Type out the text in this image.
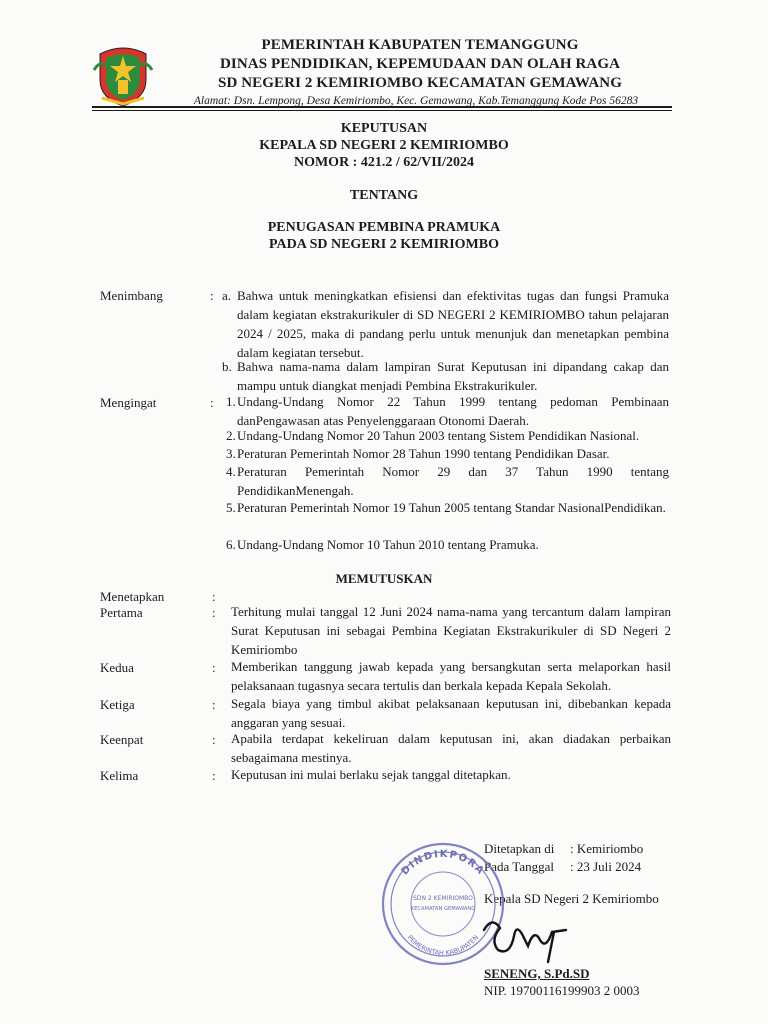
PEMERINTAH KABUPATEN TEMANGGUNG
DINAS PENDIDIKAN, KEPEMUDAAN DAN OLAH RAGA
SD NEGERI 2 KEMIRIOMBO KECAMATAN GEMAWANG
Alamat: Dsn. Lempong, Desa Kemiriombo, Kec. Gemawang, Kab.Temanggung Kode Pos 56283
KEPUTUSAN
KEPALA SD NEGERI 2 KEMIRIOMBO
NOMOR : 421.2 / 62/VII/2024
TENTANG
PENUGASAN PEMBINA PRAMUKA
PADA SD NEGERI 2 KEMIRIOMBO
Menimbang	: a. Bahwa untuk meningkatkan efisiensi dan efektivitas tugas dan fungsi Pramuka dalam kegiatan ekstrakurikuler di SD NEGERI 2 KEMIRIOMBO tahun pelajaran 2024 / 2025, maka di pandang perlu untuk menunjuk dan menetapkan pembina dalam kegiatan tersebut.
b. Bahwa nama-nama dalam lampiran Surat Keputusan ini dipandang cakap dan mampu untuk diangkat menjadi Pembina Ekstrakurikuler.
Mengingat	: 1. Undang-Undang Nomor 22 Tahun 1999 tentang pedoman Pembinaan danPengawasan atas Penyelenggaraan Otonomi Daerah.
2. Undang-Undang Nomor 20 Tahun 2003 tentang Sistem Pendidikan Nasional.
3. Peraturan Pemerintah Nomor 28 Tahun 1990 tentang Pendidikan Dasar.
4. Peraturan Pemerintah Nomor 29 dan 37 Tahun 1990 tentang PendidikanMenengah.
5. Peraturan Pemerintah Nomor 19 Tahun 2005 tentang Standar NasionalPendidikan.
6. Undang-Undang Nomor 10 Tahun 2010 tentang Pramuka.
MEMUTUSKAN
Menetapkan	:
Pertama	: Terhitung mulai tanggal 12 Juni 2024 nama-nama yang tercantum dalam lampiran Surat Keputusan ini sebagai Pembina Kegiatan Ekstrakurikuler di SD Negeri 2 Kemiriombo
Kedua	: Memberikan tanggung jawab kepada yang bersangkutan serta melaporkan hasil pelaksanaan tugasnya secara tertulis dan berkala kepada Kepala Sekolah.
Ketiga	: Segala biaya yang timbul akibat pelaksanaan keputusan ini, dibebankan kepada anggaran yang sesuai.
Keenpat	: Apabila terdapat kekeliruan dalam keputusan ini, akan diadakan perbaikan sebagaimana mestinya.
Kelima	: Keputusan ini mulai berlaku sejak tanggal ditetapkan.
Ditetapkan di : Kemiriombo
Pada Tanggal : 23 Juli 2024
Kepala SD Negeri 2 Kemiriombo
DINDIKPORA
PEMERINTAH KABUPATEN
SDN 2 KEMIRIOMBO
KECAMATAN GEMAWANG
SENENG, S.Pd.SD
NIP. 19700116199903 2 0003
